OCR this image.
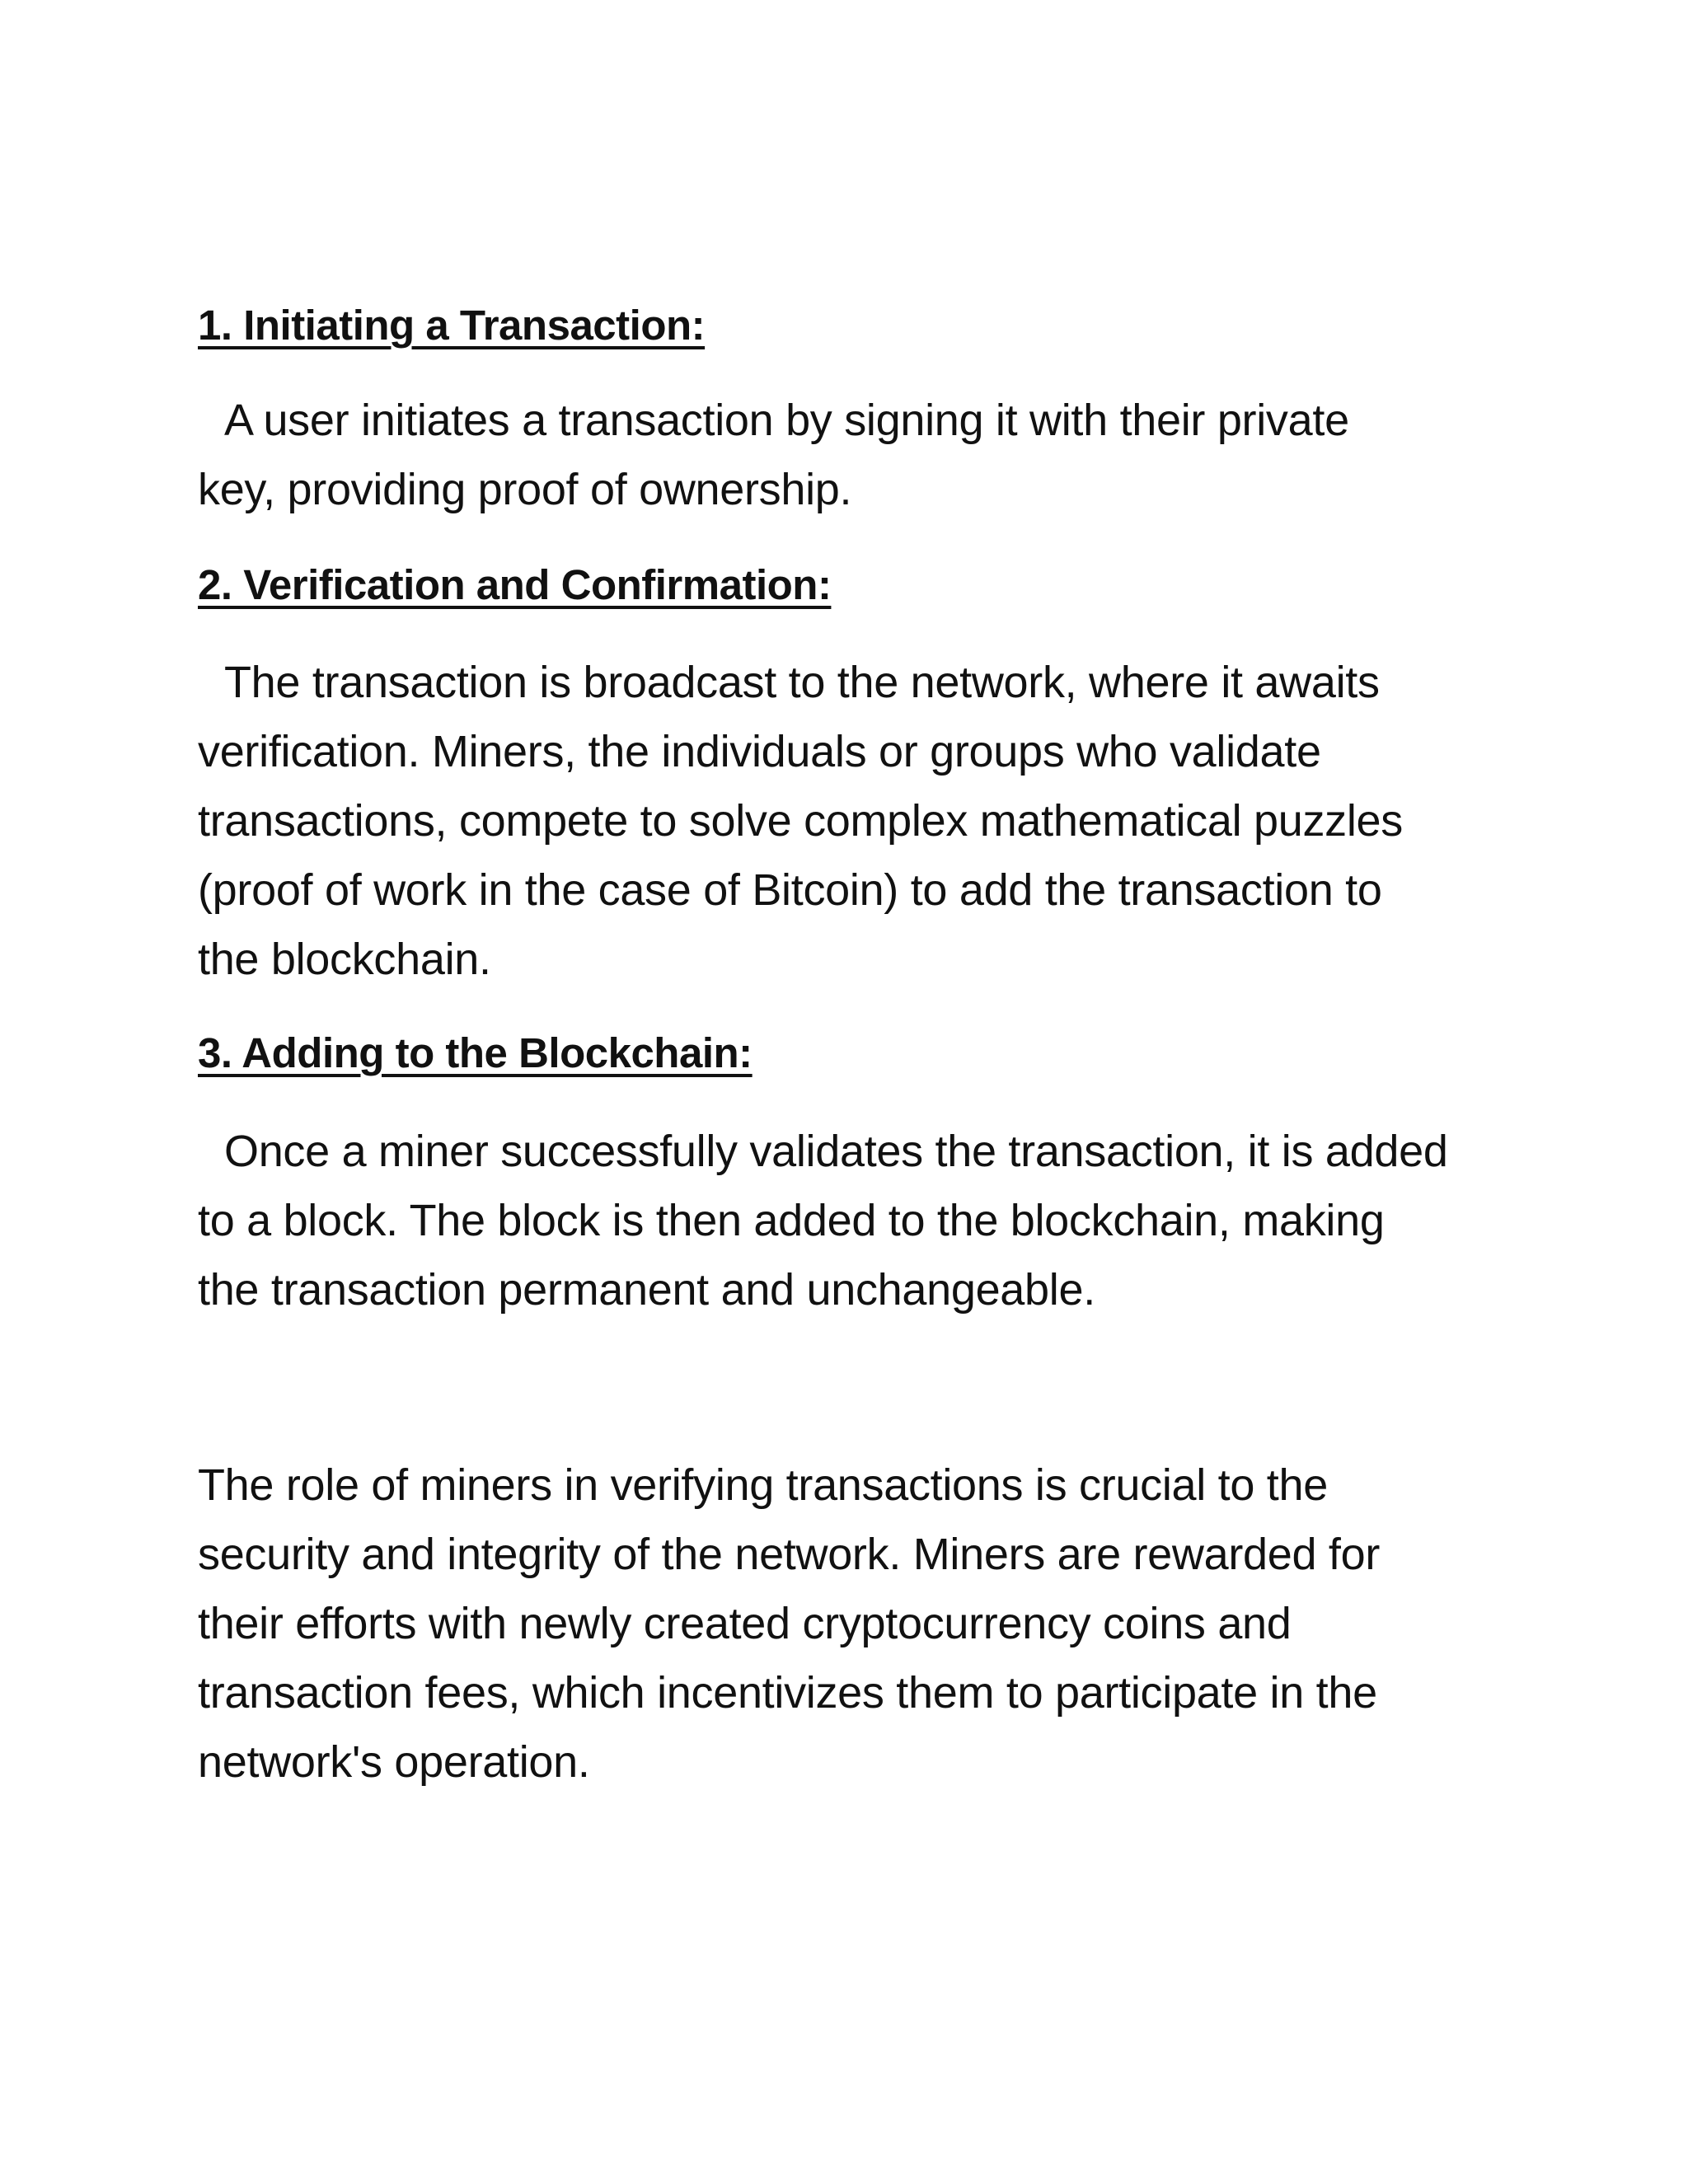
1. Initiating a Transaction:
A user initiates a transaction by signing it with their private
key, providing proof of ownership.
2. Verification and Confirmation:
The transaction is broadcast to the network, where it awaits
verification. Miners, the individuals or groups who validate
transactions, compete to solve complex mathematical puzzles
(proof of work in the case of Bitcoin) to add the transaction to
the blockchain.
3. Adding to the Blockchain:
Once a miner successfully validates the transaction, it is added
to a block. The block is then added to the blockchain, making
the transaction permanent and unchangeable.
The role of miners in verifying transactions is crucial to the
security and integrity of the network. Miners are rewarded for
their efforts with newly created cryptocurrency coins and
transaction fees, which incentivizes them to participate in the
network's operation.
